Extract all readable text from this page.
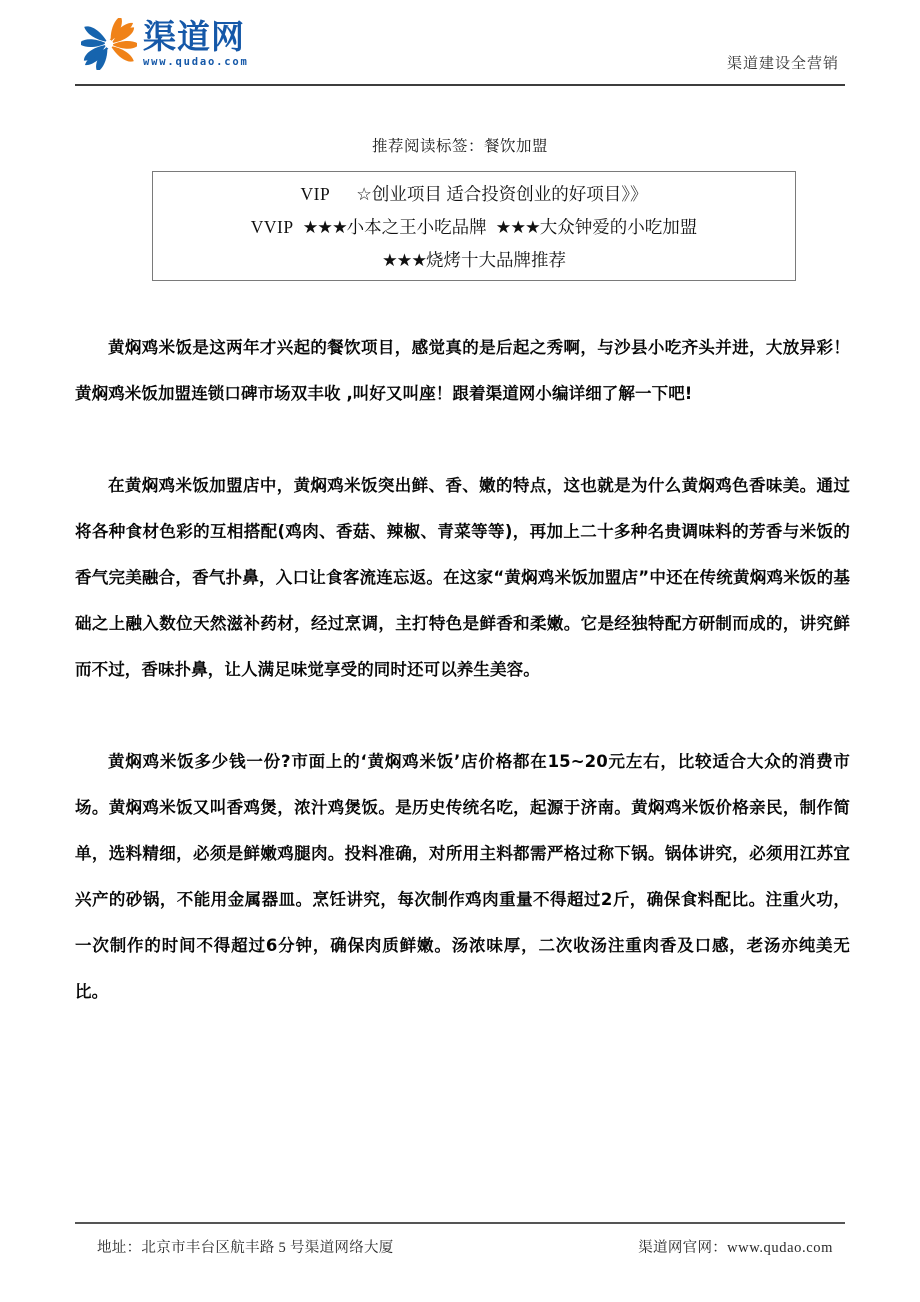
渠道网
www.qudao.com	渠道建设全营销
推荐阅读标签：餐饮加盟
VIP ☆创业项目 适合投资创业的好项目》》
VVIP ★★★小本之王小吃品牌 ★★★大众钟爱的小吃加盟
★★★烧烤十大品牌推荐

黄焖鸡米饭是这两年才兴起的餐饮项目，感觉真的是后起之秀啊，与沙县小吃齐头并进，大放异彩！黄焖鸡米饭加盟连锁口碑市场双丰收 ,叫好又叫座！跟着渠道网小编详细了解一下吧!

在黄焖鸡米饭加盟店中，黄焖鸡米饭突出鲜、香、嫩的特点，这也就是为什么黄焖鸡色香味美。通过将各种食材色彩的互相搭配(鸡肉、香菇、辣椒、青菜等等)，再加上二十多种名贵调味料的芳香与米饭的香气完美融合，香气扑鼻，入口让食客流连忘返。在这家“黄焖鸡米饭加盟店”中还在传统黄焖鸡米饭的基础之上融入数位天然滋补药材，经过烹调，主打特色是鲜香和柔嫩。它是经独特配方研制而成的，讲究鲜而不过，香味扑鼻，让人满足味觉享受的同时还可以养生美容。

黄焖鸡米饭多少钱一份?市面上的‘黄焖鸡米饭’店价格都在15~20元左右，比较适合大众的消费市场。黄焖鸡米饭又叫香鸡煲，浓汁鸡煲饭。是历史传统名吃，起源于济南。黄焖鸡米饭价格亲民，制作简单，选料精细，必须是鲜嫩鸡腿肉。投料准确，对所用主料都需严格过称下锅。锅体讲究，必须用江苏宜兴产的砂锅，不能用金属器皿。烹饪讲究，每次制作鸡肉重量不得超过2斤，确保食料配比。注重火功，一次制作的时间不得超过6分钟，确保肉质鲜嫩。汤浓味厚，二次收汤注重肉香及口感，老汤亦纯美无比。

地址：北京市丰台区航丰路 5 号渠道网络大厦	渠道网官网：www.qudao.com
